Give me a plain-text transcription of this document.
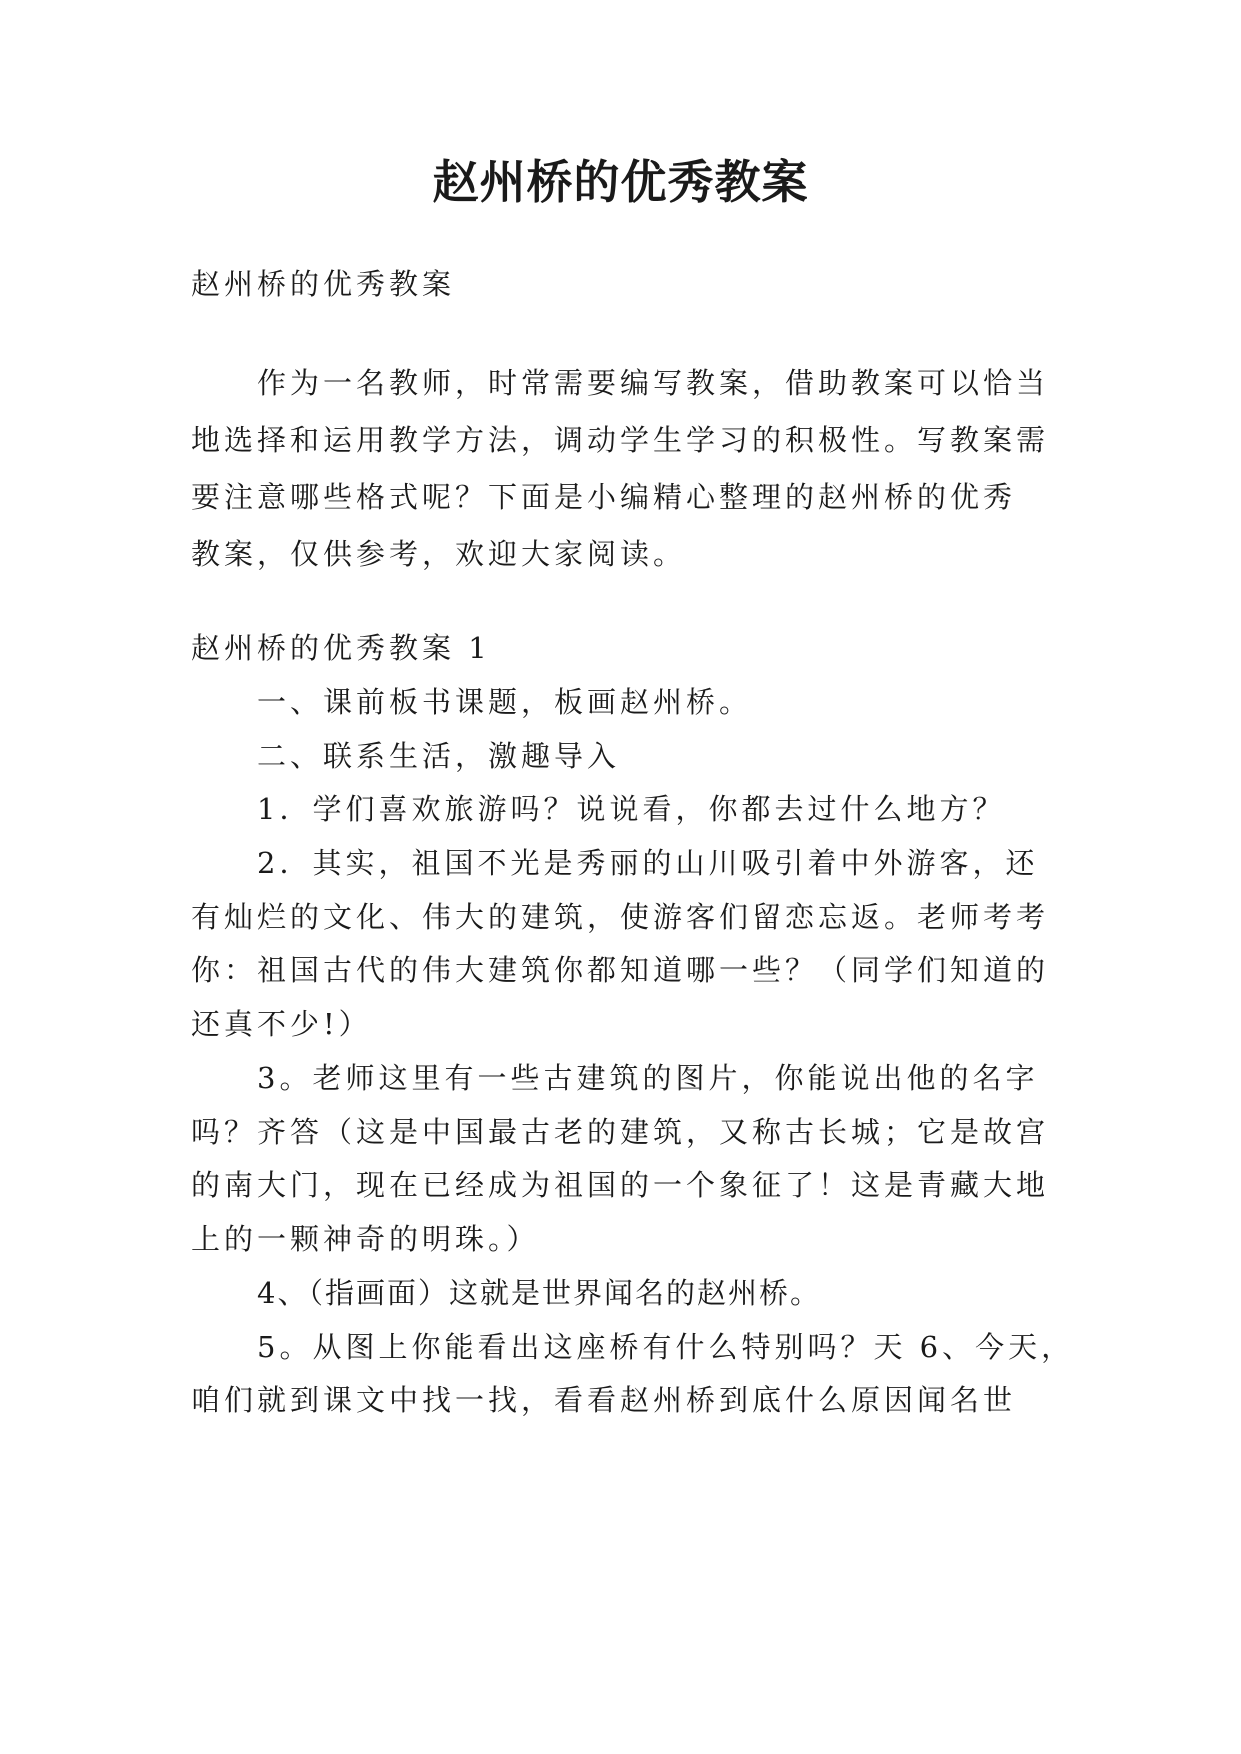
赵州桥的优秀教案

赵州桥的优秀教案

作为一名教师，时常需要编写教案，借助教案可以恰当

地选择和运用教学方法，调动学生学习的积极性。写教案需

要注意哪些格式呢？下面是小编精心整理的赵州桥的优秀

教案，仅供参考，欢迎大家阅读。

赵州桥的优秀教案 1

一、课前板书课题，板画赵州桥。

二、联系生活，激趣导入

1．学们喜欢旅游吗？说说看，你都去过什么地方？

2．其实，祖国不光是秀丽的山川吸引着中外游客，还

有灿烂的文化、伟大的建筑，使游客们留恋忘返。老师考考

你：祖国古代的伟大建筑你都知道哪一些？（同学们知道的

还真不少!）

3。老师这里有一些古建筑的图片，你能说出他的名字

吗？齐答（这是中国最古老的建筑，又称古长城；它是故宫

的南大门，现在已经成为祖国的一个象征了！这是青藏大地

上的一颗神奇的明珠。）

4、（指画面）这就是世界闻名的赵州桥。

5。从图上你能看出这座桥有什么特别吗？天 6、今天，

咱们就到课文中找一找，看看赵州桥到底什么原因闻名世
